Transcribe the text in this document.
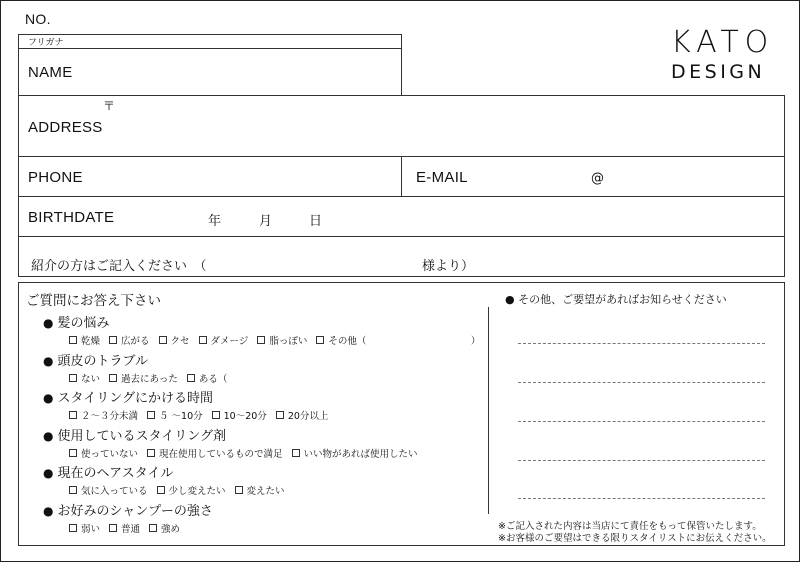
NO.
フリガナ
NAME
KATO
DESIGN
〒
ADDRESS
PHONE	E-MAIL	@
BIRTHDATE	年	月	日
紹介の方はご記入ください　（	様より）
ご質問にお答え下さい	● その他、ご要望があればお知らせください
※ご記入された内容は当店にて責任をもって保管いたします。
※お客様のご要望はできる限りスタイリストにお伝えください。
● 髪の悩み
乾燥 広がる クセ ダメージ 脂っぽい その他（　　　　　　　　　　　）
● 頭皮のトラブル
ない 過去にあった ある（
● スタイリングにかける時間
２～３分未満 ５ ～10分 10～20分 20分以上
● 使用しているスタイリング剤
使っていない 現在使用しているもので満足 いい物があれば使用したい
● 現在のヘアスタイル
気に入っている 少し変えたい 変えたい
● お好みのシャンプーの強さ
弱い 普通 強め
